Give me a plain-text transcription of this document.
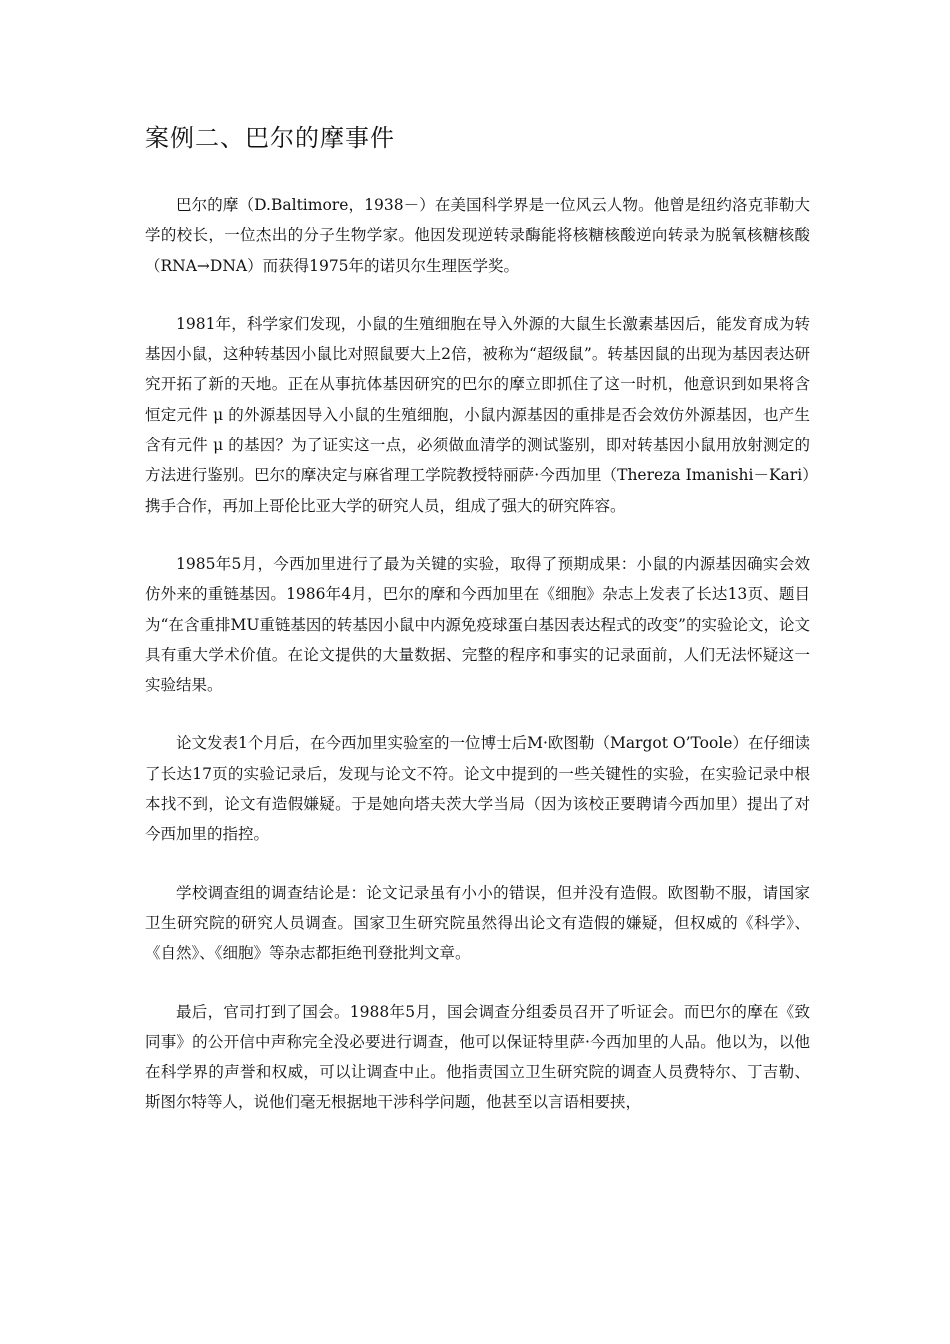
案例二、巴尔的摩事件

巴尔的摩（D.Baltimore，1938－）在美国科学界是一位风云人物。他曾是纽约洛克菲勒大学的校长，一位杰出的分子生物学家。他因发现逆转录酶能将核糖核酸逆向转录为脱氧核糖核酸（RNA→DNA）而获得1975年的诺贝尔生理医学奖。

1981年，科学家们发现，小鼠的生殖细胞在导入外源的大鼠生长激素基因后，能发育成为转基因小鼠，这种转基因小鼠比对照鼠要大上2倍，被称为“超级鼠”。转基因鼠的出现为基因表达研究开拓了新的天地。正在从事抗体基因研究的巴尔的摩立即抓住了这一时机，他意识到如果将含恒定元件 μ 的外源基因导入小鼠的生殖细胞，小鼠内源基因的重排是否会效仿外源基因，也产生含有元件 μ 的基因？为了证实这一点，必须做血清学的测试鉴别，即对转基因小鼠用放射测定的方法进行鉴别。巴尔的摩决定与麻省理工学院教授特丽萨·今西加里（Thereza Imanishi－Kari）携手合作，再加上哥伦比亚大学的研究人员，组成了强大的研究阵容。

1985年5月，今西加里进行了最为关键的实验，取得了预期成果：小鼠的内源基因确实会效仿外来的重链基因。1986年4月，巴尔的摩和今西加里在《细胞》杂志上发表了长达13页、题目为“在含重排MU重链基因的转基因小鼠中内源免疫球蛋白基因表达程式的改变”的实验论文，论文具有重大学术价值。在论文提供的大量数据、完整的程序和事实的记录面前，人们无法怀疑这一实验结果。

论文发表1个月后，在今西加里实验室的一位博士后M·欧图勒（Margot O’Toole）在仔细读了长达17页的实验记录后，发现与论文不符。论文中提到的一些关键性的实验，在实验记录中根本找不到，论文有造假嫌疑。于是她向塔夫茨大学当局（因为该校正要聘请今西加里）提出了对今西加里的指控。

学校调查组的调查结论是：论文记录虽有小小的错误，但并没有造假。欧图勒不服，请国家卫生研究院的研究人员调查。国家卫生研究院虽然得出论文有造假的嫌疑，但权威的《科学》、《自然》、《细胞》等杂志都拒绝刊登批判文章。

最后，官司打到了国会。1988年5月，国会调查分组委员召开了听证会。而巴尔的摩在《致同事》的公开信中声称完全没必要进行调查，他可以保证特里萨·今西加里的人品。他以为，以他在科学界的声誉和权威，可以让调查中止。他指责国立卫生研究院的调查人员费特尔、丁吉勒、斯图尔特等人，说他们毫无根据地干涉科学问题，他甚至以言语相要挟，
